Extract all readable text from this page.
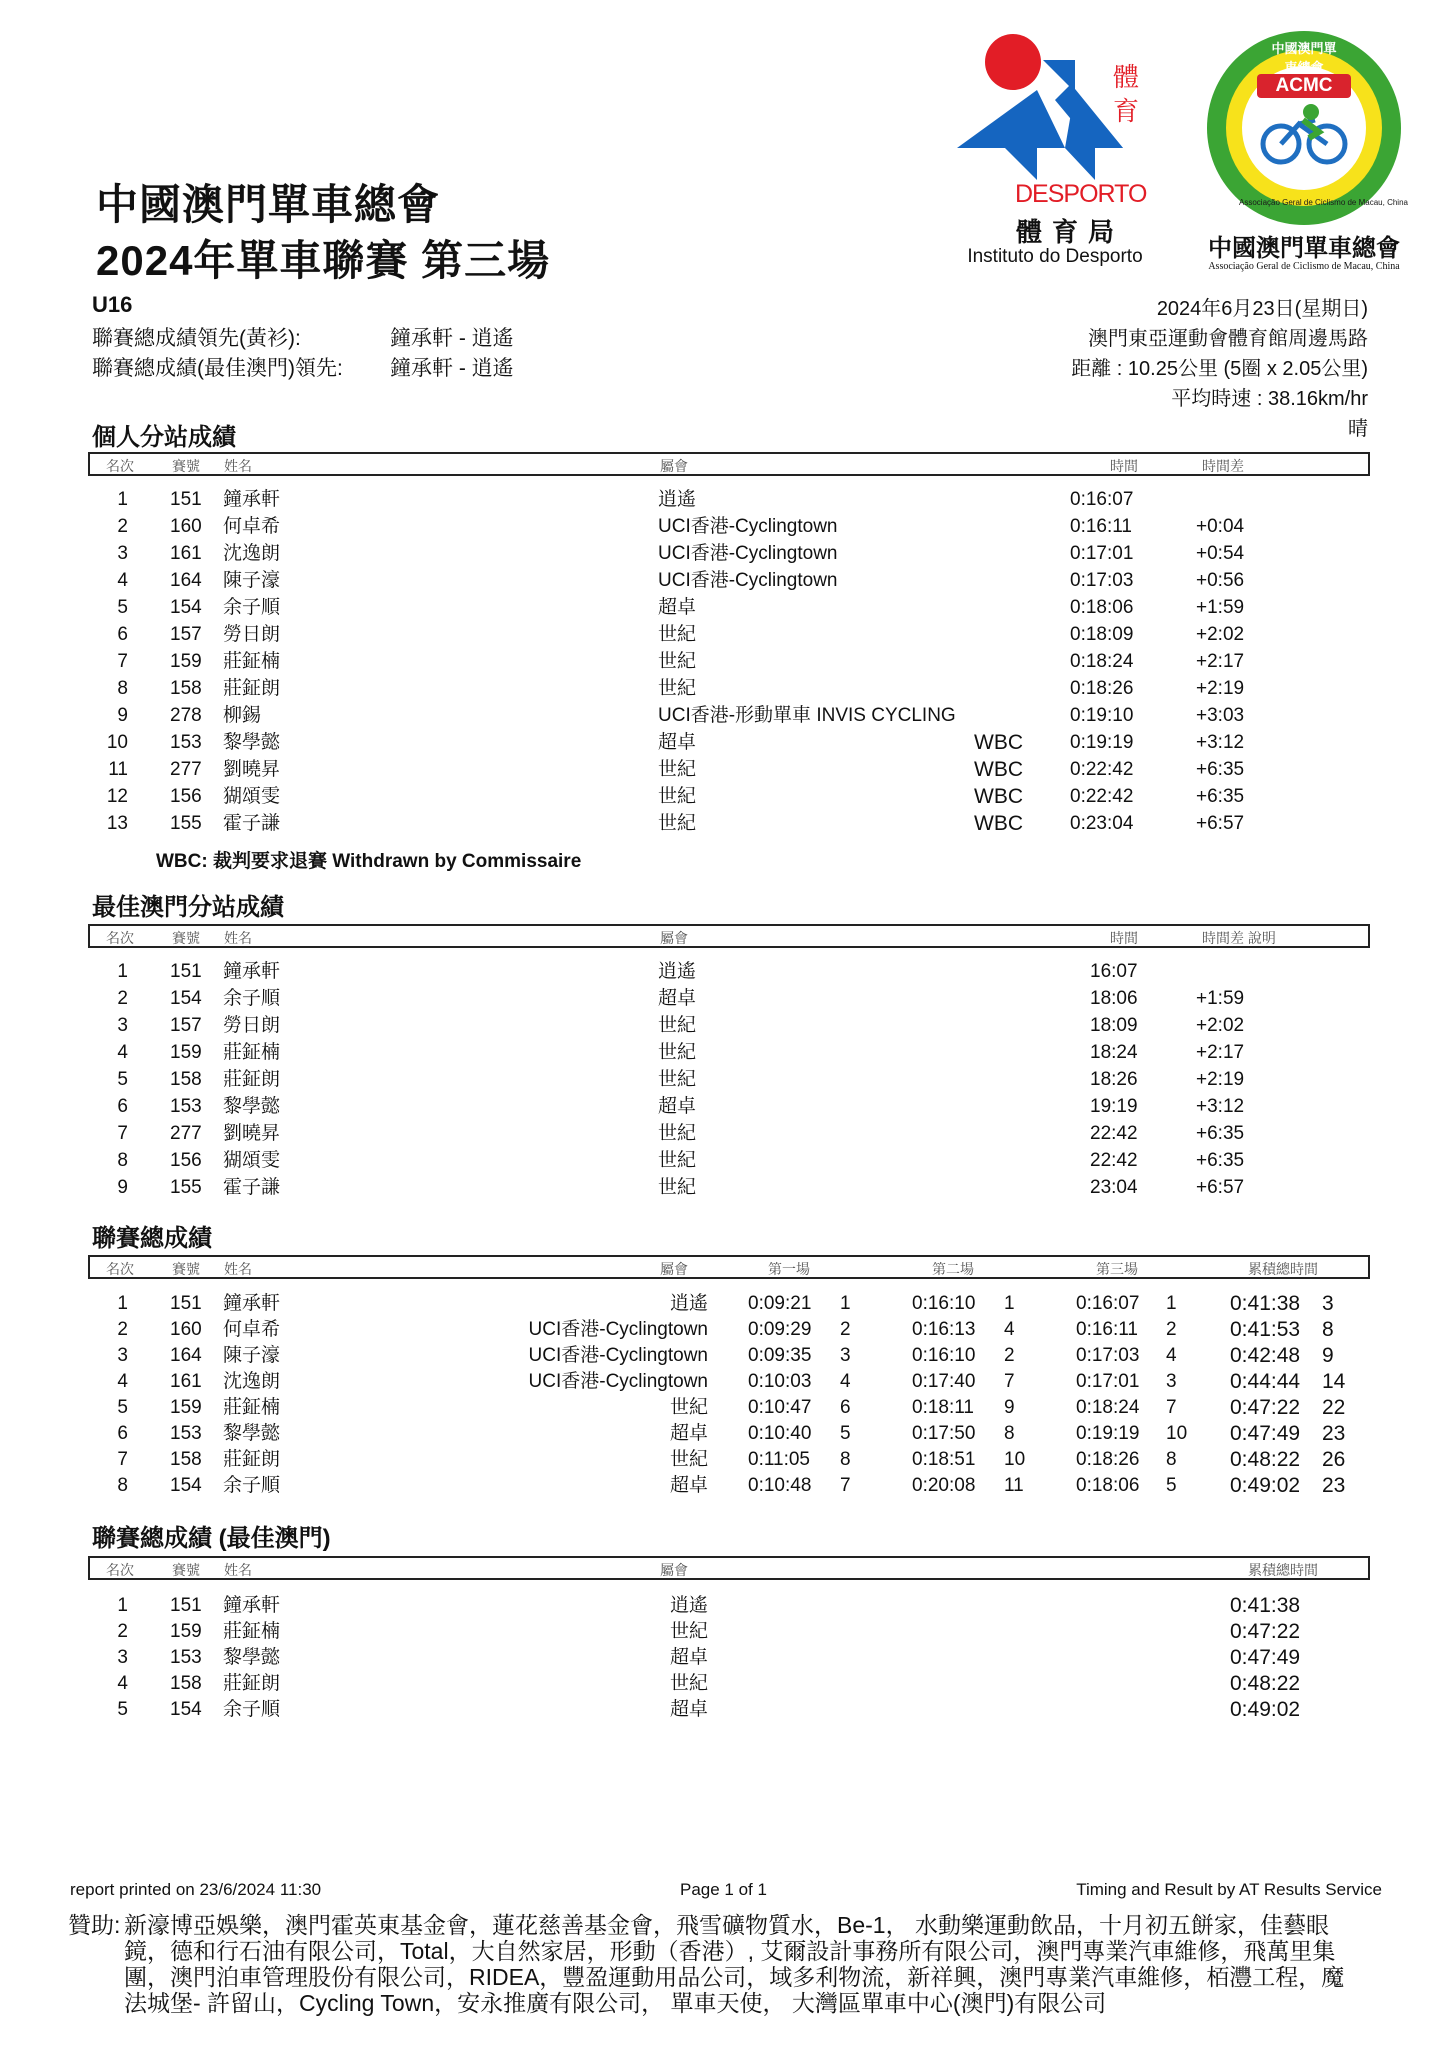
中國澳門單車總會
2024年單車聯賽 第三場
體育
DESPORTO
體育局
Instituto do Desporto
中國澳門單車總會
ACMC
Associação Geral de Ciclismo de Macau, China
中國澳門單車總會
Associação Geral de Ciclismo de Macau, China
U16
聯賽總成績領先(黃衫):	鐘承軒 - 逍遙
聯賽總成績(最佳澳門)領先: 鐘承軒 - 逍遙
2024年6月23日(星期日)
澳門東亞運動會體育館周邊馬路
距離 : 10.25公里 (5圈 x 2.05公里)
平均時速 : 38.16km/hr
晴
個人分站成績
名次	賽號 姓名	屬會	時間	時間差
1 151 鐘承軒	逍遙	0:16:07
2 160 何卓希	UCI香港-Cyclingtown	0:16:11	+0:04
3 161 沈逸朗	UCI香港-Cyclingtown	0:17:01	+0:54
4 164 陳子濠	UCI香港-Cyclingtown	0:17:03	+0:56
5 154 余子順	超卓	0:18:06	+1:59
6 157 勞日朗	世紀	0:18:09	+2:02
7 159 莊鉦楠	世紀	0:18:24	+2:17
8 158 莊鉦朗	世紀	0:18:26	+2:19
9 278 柳錫	UCI香港-形動單車 INVIS CYCLING	0:19:10	+3:03
10 153 黎學懿	超卓	WBC 0:19:19	+3:12
11 277 劉曉昇	世紀	WBC 0:22:42	+6:35
12 156 猢頌雯	世紀	WBC 0:22:42	+6:35
13 155 霍子謙	世紀	WBC 0:23:04	+6:57
WBC: 裁判要求退賽 Withdrawn by Commissaire
最佳澳門分站成績
名次	賽號 姓名	屬會	時間	時間差 說明
1 151 鐘承軒	逍遙	16:07
2 154 余子順	超卓	18:06	+1:59
3 157 勞日朗	世紀	18:09	+2:02
4 159 莊鉦楠	世紀	18:24	+2:17
5 158 莊鉦朗	世紀	18:26	+2:19
6 153 黎學懿	超卓	19:19	+3:12
7 277 劉曉昇	世紀	22:42	+6:35
8 156 猢頌雯	世紀	22:42	+6:35
9 155 霍子謙	世紀	23:04	+6:57
聯賽總成績
名次	賽號 姓名	屬會	第一場	第二場	第三場	累積總時間
1 151 鐘承軒	逍遙 0:09:21 1	0:16:10 1	0:16:07 1	0:41:38 3
2 160 何卓希	UCI香港-Cyclingtown 0:09:29 2	0:16:13 4	0:16:11 2	0:41:53 8
3 164 陳子濠	UCI香港-Cyclingtown 0:09:35 3	0:16:10 2	0:17:03 4	0:42:48 9
4 161 沈逸朗	UCI香港-Cyclingtown 0:10:03 4	0:17:40 7	0:17:01 3	0:44:44 14
5 159 莊鉦楠	世紀 0:10:47 6	0:18:11 9	0:18:24 7	0:47:22 22
6 153 黎學懿	超卓 0:10:40 5	0:17:50 8	0:19:19 10 0:47:49 23
7 158 莊鉦朗	世紀 0:11:05 8	0:18:51 10	0:18:26 8	0:48:22 26
8 154 余子順	超卓 0:10:48 7	0:20:08 11	0:18:06 5	0:49:02 23
聯賽總成績 (最佳澳門)
名次	賽號 姓名	屬會	累積總時間
1 151 鐘承軒	逍遙	0:41:38
2 159 莊鉦楠	世紀	0:47:22
3 153 黎學懿	超卓	0:47:49
4 158 莊鉦朗	世紀	0:48:22
5 154 余子順	超卓	0:49:02
report printed on 23/6/2024 11:30	Page 1 of 1	Timing and Result by AT Results Service
贊助: 新濠博亞娛樂，澳門霍英東基金會，蓮花慈善基金會，飛雪礦物質水，Be-1， 水動樂運動飲品，十月初五餅家，佳藝眼鏡，德和行石油有限公司，Total，大自然家居，形動（香港）, 艾爾設計事務所有限公司，澳門專業汽車維修，飛萬里集團，澳門泊車管理股份有限公司，RIDEA，豐盈運動用品公司，域多利物流，新祥興，澳門專業汽車維修，栢灃工程，魔法城堡- 許留山，Cycling Town，安永推廣有限公司， 單車天使， 大灣區單車中心(澳門)有限公司
